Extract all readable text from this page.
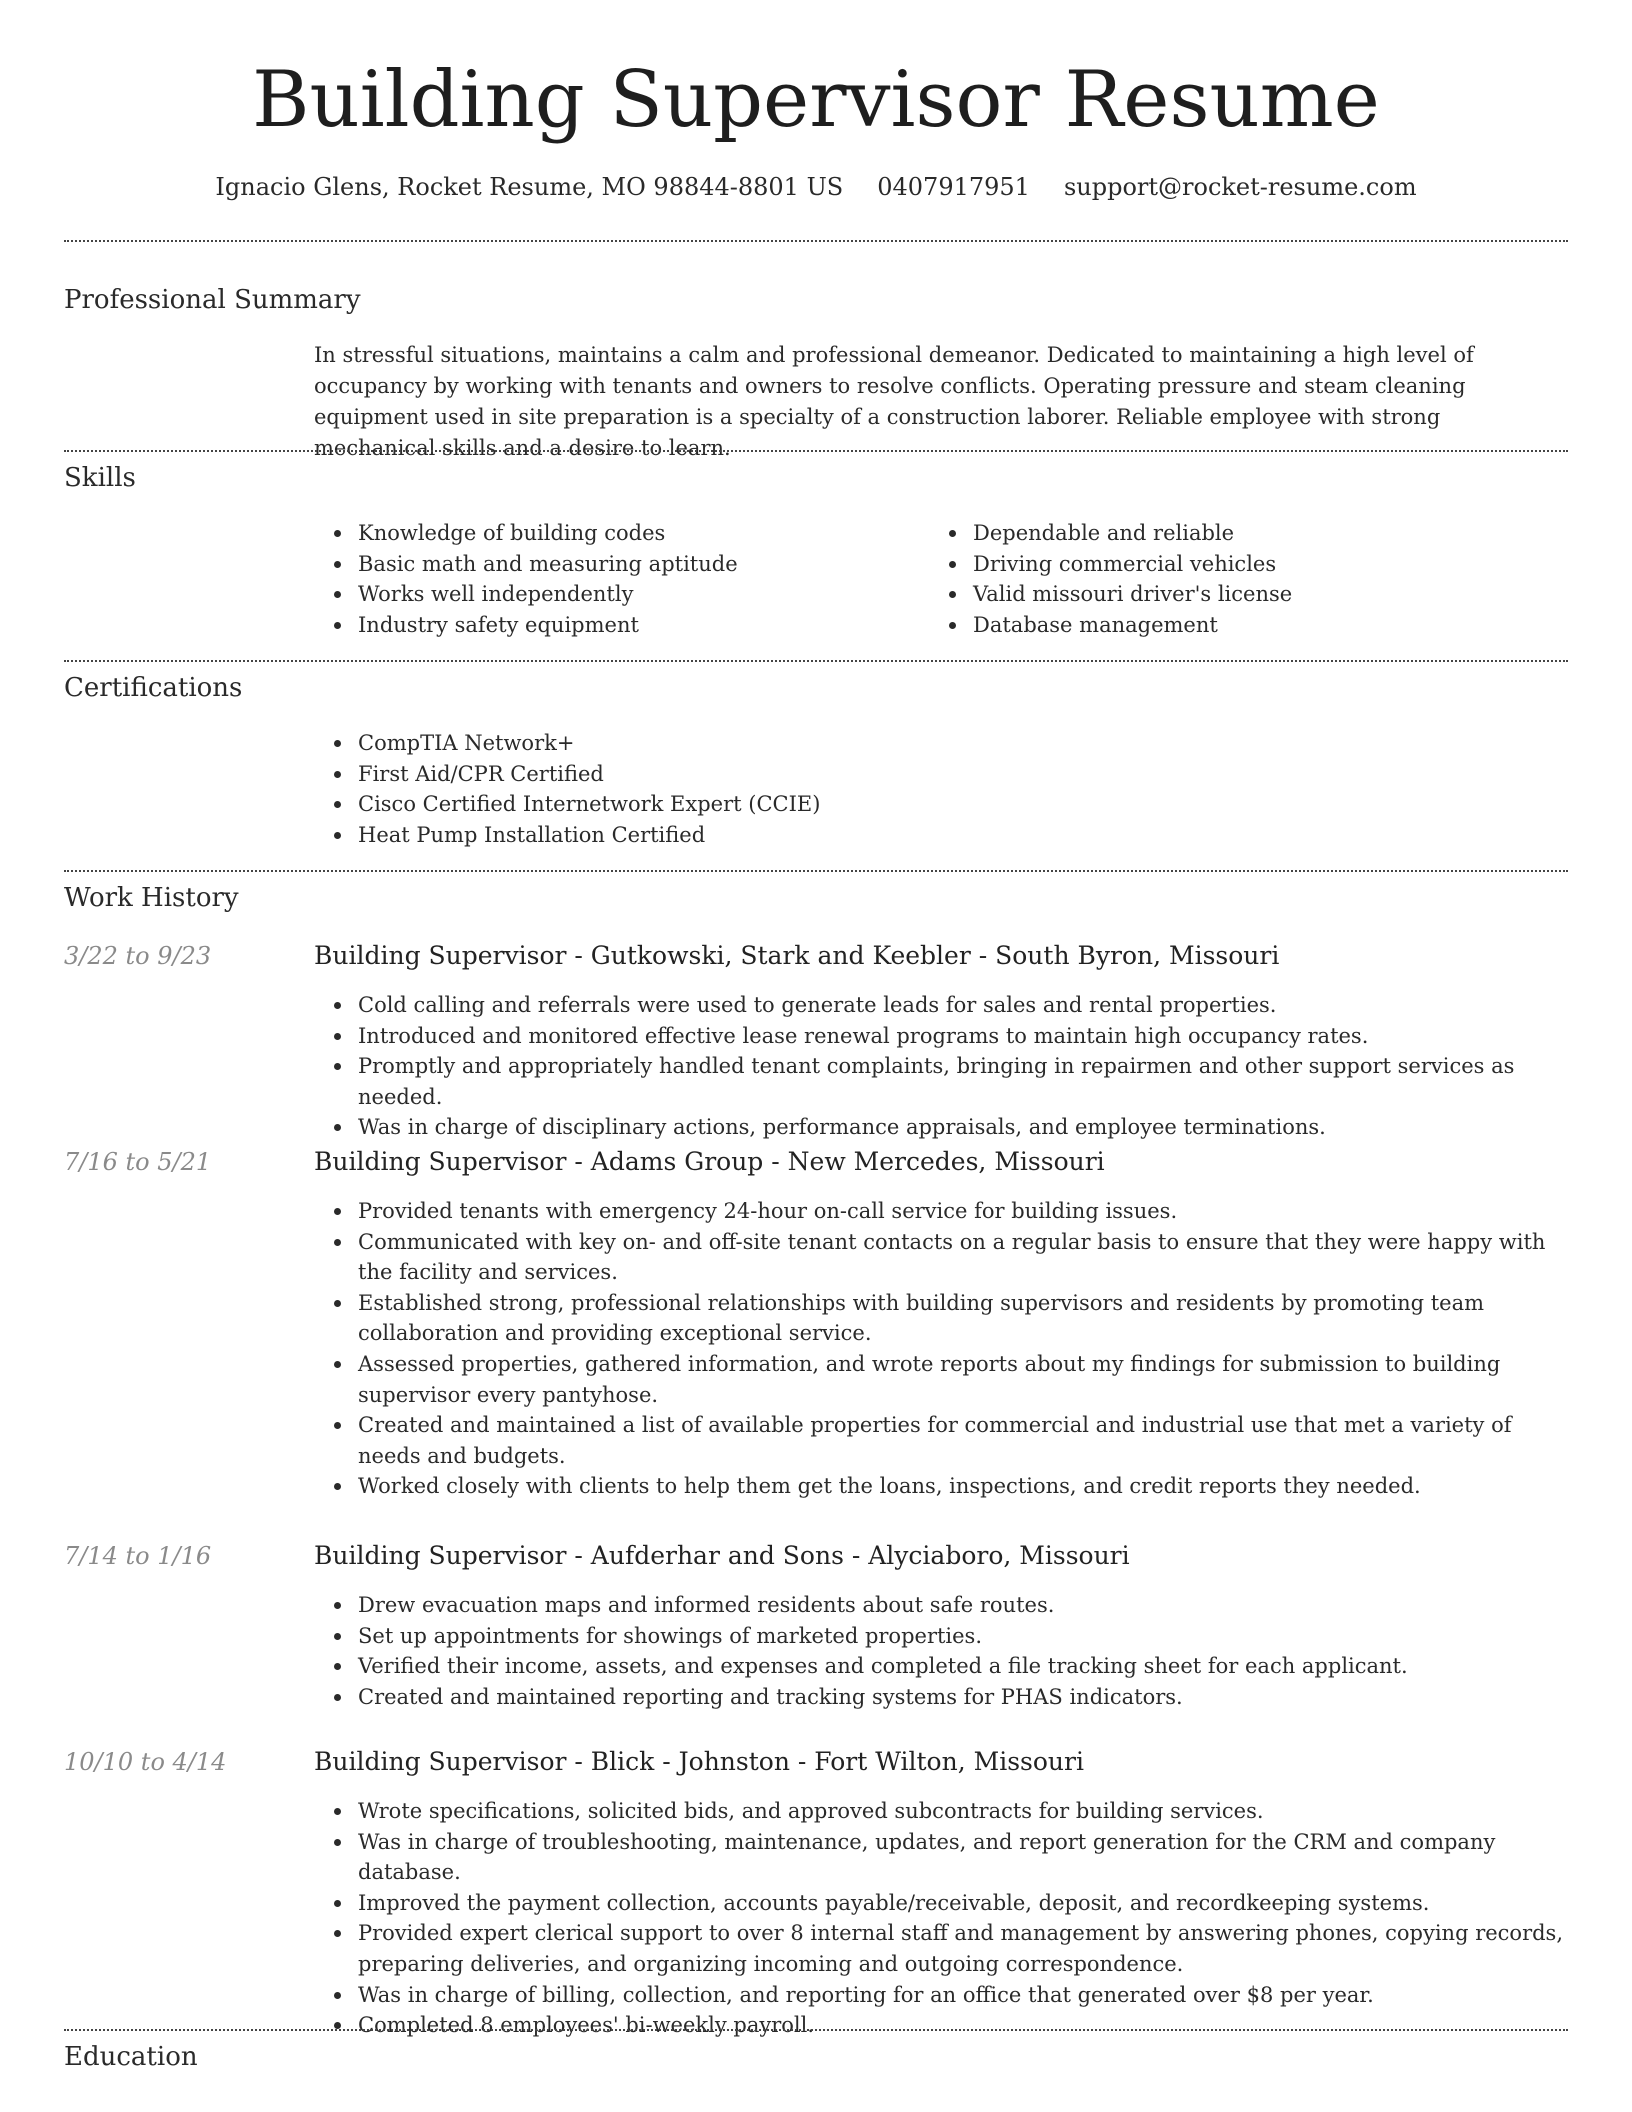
Building Supervisor Resume
Ignacio Glens, Rocket Resume, MO 98844-8801 US 0407917951 support@rocket-resume.com
Professional Summary

In stressful situations, maintains a calm and professional demeanor. Dedicated to maintaining a high level of occupancy by working with tenants and owners to resolve conflicts. Operating pressure and steam cleaning equipment used in site preparation is a specialty of a construction laborer. Reliable employee with strong mechanical skills and a desire to learn.

Skills
Knowledge of building codes
Basic math and measuring aptitude
Works well independently
Industry safety equipment
Dependable and reliable
Driving commercial vehicles
Valid missouri driver's license
Database management
Certifications
CompTIA Network+
First Aid/CPR Certified
Cisco Certified Internetwork Expert (CCIE)
Heat Pump Installation Certified
Work History
3/22 to 9/23	Building Supervisor - Gutkowski, Stark and Keebler - South Byron, Missouri
Cold calling and referrals were used to generate leads for sales and rental properties.
Introduced and monitored effective lease renewal programs to maintain high occupancy rates.
Promptly and appropriately handled tenant complaints, bringing in repairmen and other support services as needed.
Was in charge of disciplinary actions, performance appraisals, and employee terminations.
7/16 to 5/21	Building Supervisor - Adams Group - New Mercedes, Missouri
Provided tenants with emergency 24-hour on-call service for building issues.
Communicated with key on- and off-site tenant contacts on a regular basis to ensure that they were happy with the facility and services.
Established strong, professional relationships with building supervisors and residents by promoting team collaboration and providing exceptional service.
Assessed properties, gathered information, and wrote reports about my findings for submission to building supervisor every pantyhose.
Created and maintained a list of available properties for commercial and industrial use that met a variety of needs and budgets.
Worked closely with clients to help them get the loans, inspections, and credit reports they needed.
7/14 to 1/16	Building Supervisor - Aufderhar and Sons - Alyciaboro, Missouri
Drew evacuation maps and informed residents about safe routes.
Set up appointments for showings of marketed properties.
Verified their income, assets, and expenses and completed a file tracking sheet for each applicant.
Created and maintained reporting and tracking systems for PHAS indicators.
10/10 to 4/14	Building Supervisor - Blick - Johnston - Fort Wilton, Missouri
Wrote specifications, solicited bids, and approved subcontracts for building services.
Was in charge of troubleshooting, maintenance, updates, and report generation for the CRM and company database.
Improved the payment collection, accounts payable/receivable, deposit, and recordkeeping systems.
Provided expert clerical support to over 8 internal staff and management by answering phones, copying records, preparing deliveries, and organizing incoming and outgoing correspondence.
Was in charge of billing, collection, and reporting for an office that generated over $8 per year.
Completed 8 employees' bi-weekly payroll.
Education
